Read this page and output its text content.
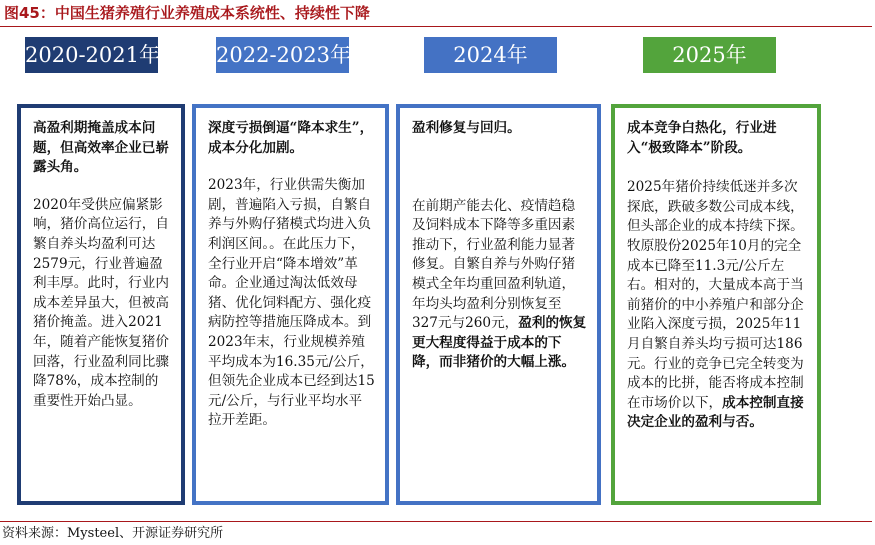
图45：中国生猪养殖行业养殖成本系统性、持续性下降
2020-2021年	2022-2023年	2024年	2025年

高盈利期掩盖成本问题，但高效率企业已崭露头角。

2020年受供应偏紧影响，猪价高位运行，自繁自养头均盈利可达2579元，行业普遍盈利丰厚。此时，行业内成本差异虽大，但被高猪价掩盖。进入2021年，随着产能恢复猪价回落，行业盈利同比骤降78%，成本控制的重要性开始凸显。

深度亏损倒逼“降本求生”，成本分化加剧。

2023年，行业供需失衡加剧，普遍陷入亏损，自繁自养与外购仔猪模式均进入负利润区间。。在此压力下，全行业开启“降本增效”革命。企业通过淘汰低效母猪、优化饲料配方、强化疫病防控等措施压降成本。到2023年末，行业规模养殖平均成本为16.35元/公斤，但领先企业成本已经到达15元/公斤，与行业平均水平拉开差距。

盈利修复与回归。

在前期产能去化、疫情趋稳及饲料成本下降等多重因素推动下，行业盈利能力显著修复。自繁自养与外购仔猪模式全年均重回盈利轨道，年均头均盈利分别恢复至327元与260元，盈利的恢复更大程度得益于成本的下降，而非猪价的大幅上涨。

成本竞争白热化，行业进入“极致降本”阶段。

2025年猪价持续低迷并多次探底，跌破多数公司成本线，但头部企业的成本持续下探。牧原股份2025年10月的完全成本已降至11.3元/公斤左右。相对的，大量成本高于当前猪价的中小养殖户和部分企业陷入深度亏损，2025年11月自繁自养头均亏损可达186元。行业的竞争已完全转变为成本的比拼，能否将成本控制在市场价以下，成本控制直接决定企业的盈利与否。

资料来源：Mysteel、开源证券研究所
